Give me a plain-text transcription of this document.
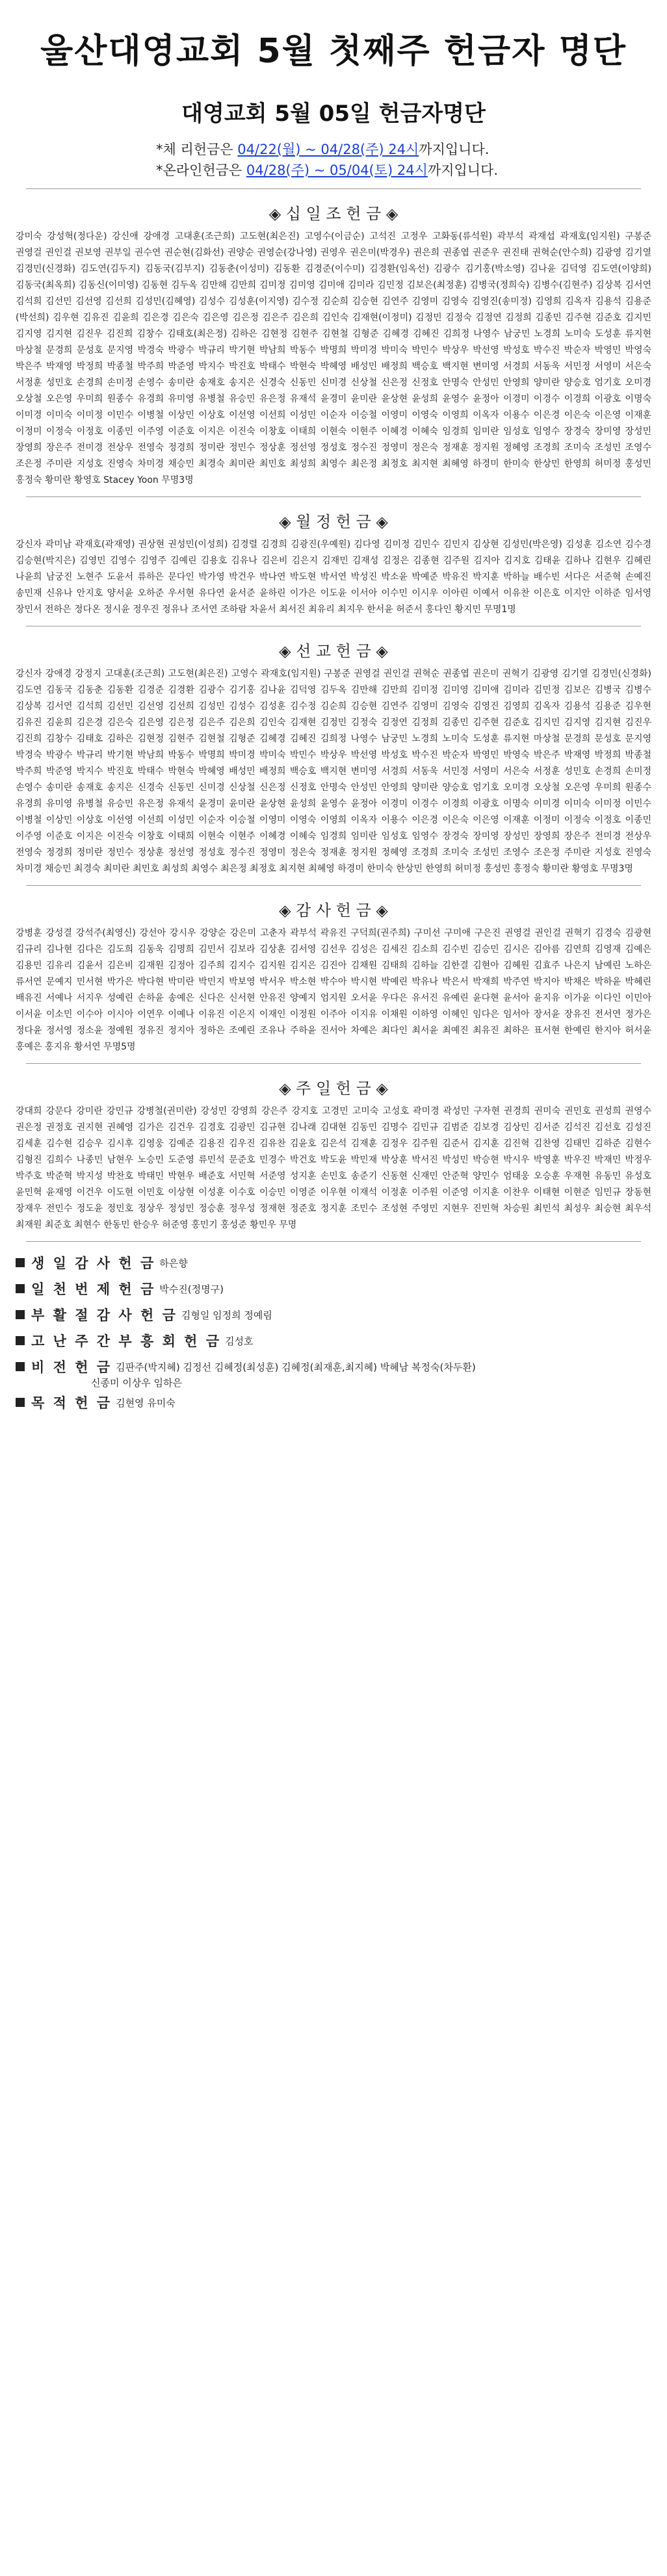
울산대영교회 5월 첫째주 헌금자 명단
대영교회 5월 05일 헌금자명단
*체 리헌금은 04/22(월) ~ 04/28(주) 24시까지입니다.
*온라인헌금은 04/28(주) ~ 05/04(토) 24시까지입니다.
◈ 십 일 조 헌 금 ◈
강미숙 강성혁(정다운) 강신애 강애경 고대훈(조근희) 고도현(최은진) 고영수(이금순) 고석진 고정우 고화동(류석원) 곽부석 곽재섭 곽재호(임지원) 구봉준 권영걸 권인걸 권보영 권부일 권수연 권순현(김화선) 권양순 권영순(강나영) 권영우 권은미(박경우) 권은희 권종엽 권준우 권진태 권혁순(안수희) 김광영 김기열 김경민(신경화) 김도연(김두지) 김동국(김부지) 김동춘(이성미) 김동환 김경준(이수미) 김경환(임옥선) 김광수 김기홍(박소영) 김나윤 김덕영 김도연(이양희) 김동국(최옥희) 김동신(이미영) 김동현 김두옥 김만해 김만희 김미정 김미영 김미애 김미라 김민정 김보은(최정훈) 김병국(정희숙) 김병수(김현주) 김상복 김서연 김석희 김선민 김선영 김선희 김성민(김혜영) 김성수 김성훈(이지영) 김수정 김순희 김승현 김연주 김영미 김영숙 김영진(송미정) 김영희 김옥자 김용석 김용준(박선희) 김우현 김유진 김윤희 김은경 김은숙 김은영 김은정 김은주 김은희 김인숙 김재현(이정미) 김정민 김정숙 김정연 김정희 김종민 김주현 김준호 김지민 김지영 김지현 김진우 김진희 김창수 김태호(최은정) 김하은 김현정 김현주 김현철 김형준 김혜경 김혜진 김희정 나영수 남궁민 노경희 노미숙 도성훈 류지현 마상철 문경희 문성호 문지영 박경숙 박광수 박규리 박기현 박남희 박동수 박명희 박미경 박미숙 박민수 박상우 박선영 박성호 박수진 박순자 박영민 박영숙 박은주 박재영 박정희 박종철 박주희 박준영 박지수 박진호 박태수 박현숙 박혜영 배성민 배정희 백승호 백지현 변미영 서경희 서동욱 서민정 서영미 서은숙 서정훈 성민호 손경희 손미정 손영수 송미란 송재호 송지은 신경숙 신동민 신미경 신상철 신은정 신정호 안명숙 안성민 안영희 양미란 양승호 엄기호 오미경 오상철 오은영 우미희 원종수 유경희 유미영 유병철 유승민 유은정 유재석 윤경미 윤미란 윤상현 윤성희 윤영수 윤정아 이경미 이경수 이경희 이광호 이명숙 이미경 이미숙 이미정 이민수 이병철 이상민 이상호 이선영 이선희 이성민 이순자 이승철 이영미 이영숙 이영희 이옥자 이용수 이은경 이은숙 이은영 이재훈 이정미 이정숙 이정호 이종민 이주영 이준호 이지은 이진숙 이창호 이태희 이현숙 이현주 이혜경 이혜숙 임경희 임미란 임성호 임영수 장경숙 장미영 장성민 장영희 장은주 전미경 전상우 전영숙 정경희 정미란 정민수 정상훈 정선영 정성호 정수진 정영미 정은숙 정재훈 정지원 정혜영 조경희 조미숙 조성민 조영수 조은정 주미란 지성호 진영숙 차미경 채승민 최경숙 최미란 최민호 최성희 최영수 최은정 최정호 최지현 최혜영 하경미 한미숙 한상민 한영희 허미정 홍성민 홍정숙 황미란 황영호 Stacey Yoon 무명3명
◈ 월 정 헌 금 ◈
강신자 곽미남 곽재호(곽재영) 권상현 권성민(이성희) 김경렬 김경희 김광진(우예원) 김다영 김미정 김민수 김민지 김상현 김성민(박은영) 김성훈 김소연 김수경 김승현(박지은) 김영민 김영수 김영주 김예린 김용호 김유나 김은비 김은지 김재민 김재성 김정은 김종현 김주원 김지아 김지호 김태윤 김하나 김현우 김혜린 나윤희 남궁진 노현주 도윤서 류하은 문다인 박가영 박건우 박나연 박도현 박서연 박성진 박소윤 박예준 박유진 박지훈 박하늘 배수빈 서다은 서준혁 손예진 송민재 신유나 안지호 양서윤 오하준 우서현 유다연 윤서준 윤하린 이가은 이도윤 이서아 이수민 이시우 이아린 이예서 이유찬 이은호 이지안 이하준 임서영 장민서 전하은 정다온 정시윤 정우진 정유나 조서연 조하람 차윤서 최서진 최유리 최지우 한서윤 허준서 홍다인 황지민 무명1명
◈ 선 교 헌 금 ◈
강신자 강애경 강정지 고대훈(조근희) 고도현(최은진) 고영수 곽재호(임지원) 구봉준 권영걸 권인걸 권혁순 권종엽 권은미 권혁기 김광영 김기열 김경민(신경화) 김도연 김동국 김동춘 김동환 김경준 김경환 김광수 김기홍 김나윤 김덕영 김두옥 김만해 김만희 김미정 김미영 김미애 김미라 김민정 김보은 김병국 김병수 김상복 김서연 김석희 김선민 김선영 김선희 김성민 김성수 김성훈 김수정 김순희 김승현 김연주 김영미 김영숙 김영진 김영희 김옥자 김용석 김용준 김우현 김유진 김윤희 김은경 김은숙 김은영 김은정 김은주 김은희 김인숙 김재현 김정민 김정숙 김정연 김정희 김종민 김주현 김준호 김지민 김지영 김지현 김진우 김진희 김창수 김태호 김하은 김현정 김현주 김현철 김형준 김혜경 김혜진 김희정 나영수 남궁민 노경희 노미숙 도성훈 류지현 마상철 문경희 문성호 문지영 박경숙 박광수 박규리 박기현 박남희 박동수 박명희 박미경 박미숙 박민수 박상우 박선영 박성호 박수진 박순자 박영민 박영숙 박은주 박재영 박정희 박종철 박주희 박준영 박지수 박진호 박태수 박현숙 박혜영 배성민 배정희 백승호 백지현 변미영 서경희 서동욱 서민정 서영미 서은숙 서정훈 성민호 손경희 손미정 손영수 송미란 송재호 송지은 신경숙 신동민 신미경 신상철 신은정 신정호 안명숙 안성민 안영희 양미란 양승호 엄기호 오미경 오상철 오은영 우미희 원종수 유경희 유미영 유병철 유승민 유은정 유재석 윤경미 윤미란 윤상현 윤성희 윤영수 윤정아 이경미 이경수 이경희 이광호 이명숙 이미경 이미숙 이미정 이민수 이병철 이상민 이상호 이선영 이선희 이성민 이순자 이승철 이영미 이영숙 이영희 이옥자 이용수 이은경 이은숙 이은영 이재훈 이정미 이정숙 이정호 이종민 이주영 이준호 이지은 이진숙 이창호 이태희 이현숙 이현주 이혜경 이혜숙 임경희 임미란 임성호 임영수 장경숙 장미영 장성민 장영희 장은주 전미경 전상우 전영숙 정경희 정미란 정민수 정상훈 정선영 정성호 정수진 정영미 정은숙 정재훈 정지원 정혜영 조경희 조미숙 조성민 조영수 조은정 주미란 지성호 진영숙 차미경 채승민 최경숙 최미란 최민호 최성희 최영수 최은정 최정호 최지현 최혜영 하경미 한미숙 한상민 한영희 허미정 홍성민 홍정숙 황미란 황영호 무명3명
◈ 감 사 헌 금 ◈
강병훈 강성결 강석주(최영신) 강선아 강시우 강양순 강은미 고춘자 곽부석 곽유진 구덕희(권주희) 구미선 구미애 구은진 권영걸 권인걸 권혁기 김경숙 김광현 김규리 김나현 김다은 김도희 김동욱 김명희 김민서 김보라 김상훈 김서영 김선우 김성은 김세진 김소희 김수빈 김승민 김시은 김아름 김연희 김영재 김예은 김용민 김유리 김윤서 김은비 김재원 김정아 김주희 김지수 김지원 김지은 김진아 김채원 김태희 김하늘 김한결 김현아 김혜원 김효주 나은지 남예린 노하은 류서연 문예지 민서현 박가은 박다현 박미란 박민지 박보영 박서우 박소현 박수아 박시현 박예린 박유나 박은서 박재희 박주연 박지아 박채은 박하윤 박혜린 배유진 서예나 서지우 성예린 손하윤 송예은 신다은 신서현 안유진 양예지 엄지원 오서윤 우다은 유서진 유예린 윤다현 윤서아 윤지유 이가윤 이다인 이민아 이서윤 이소민 이수아 이시아 이연우 이예나 이유진 이은지 이재인 이정원 이주아 이지유 이채원 이하영 이혜인 임다은 임서아 장서윤 장유진 전서연 정가은 정다윤 정서영 정소윤 정예원 정유진 정지아 정하은 조예린 조유나 주하윤 진서아 차예은 최다인 최서윤 최예진 최유진 최하은 표서현 한예린 한지아 허서윤 홍예은 홍지유 황서연 무명5명
◈ 주 일 헌 금 ◈
강대희 강문다 강미란 강민규 강병철(권미란) 강성민 강영희 강은주 강지호 고경민 고미숙 고성호 곽미경 곽성민 구자현 권경희 권미숙 권민호 권성희 권영수 권은정 권정호 권지현 권혜영 김가은 김건우 김경호 김광민 김규현 김나래 김대현 김동민 김명수 김민규 김범준 김보경 김상민 김서준 김석진 김선호 김성진 김세훈 김수현 김승우 김시후 김영웅 김예준 김용진 김우진 김유찬 김윤호 김은석 김재훈 김정우 김주원 김준서 김지훈 김진혁 김찬영 김태민 김하준 김현수 김형진 김희수 나종민 남현우 노승민 도준영 류민석 문준호 민경수 박건호 박도윤 박민재 박상훈 박서진 박성민 박승현 박시우 박영훈 박우진 박재민 박정우 박주호 박준혁 박지성 박찬호 박태민 박현우 배준호 서민혁 서준영 성지훈 손민호 송준기 신동현 신재민 안준혁 양민수 엄태웅 오승훈 우재현 유동민 유성호 윤민혁 윤재영 이건우 이도현 이민호 이상현 이성훈 이수호 이승민 이영준 이우현 이재석 이정훈 이주원 이준영 이지훈 이찬우 이태현 이현준 임민규 장동현 장재우 전민수 정도윤 정민호 정상우 정성민 정승훈 정우성 정재현 정준호 정지훈 조민수 조성현 주영민 지현우 진민혁 차승원 최민석 최성우 최승현 최우석 최재원 최준호 최현수 한동민 한승우 허준영 홍민기 홍성준 황민우 무명
생 일 감 사 헌 금 하은향
일 천 번 제 헌 금 박수진(정명구)
부 활 절 감 사 헌 금 김형일 임정희 정예림
고 난 주 간 부 흥 회 헌 금 김성호
비 전 헌 금 김판주(박지혜) 김정선 김혜정(최성훈) 김혜정(최재훈,최지혜) 박혜남 복정숙(차두환)
신종미 이상우 임하은
목 적 헌 금 김현영 유미숙
